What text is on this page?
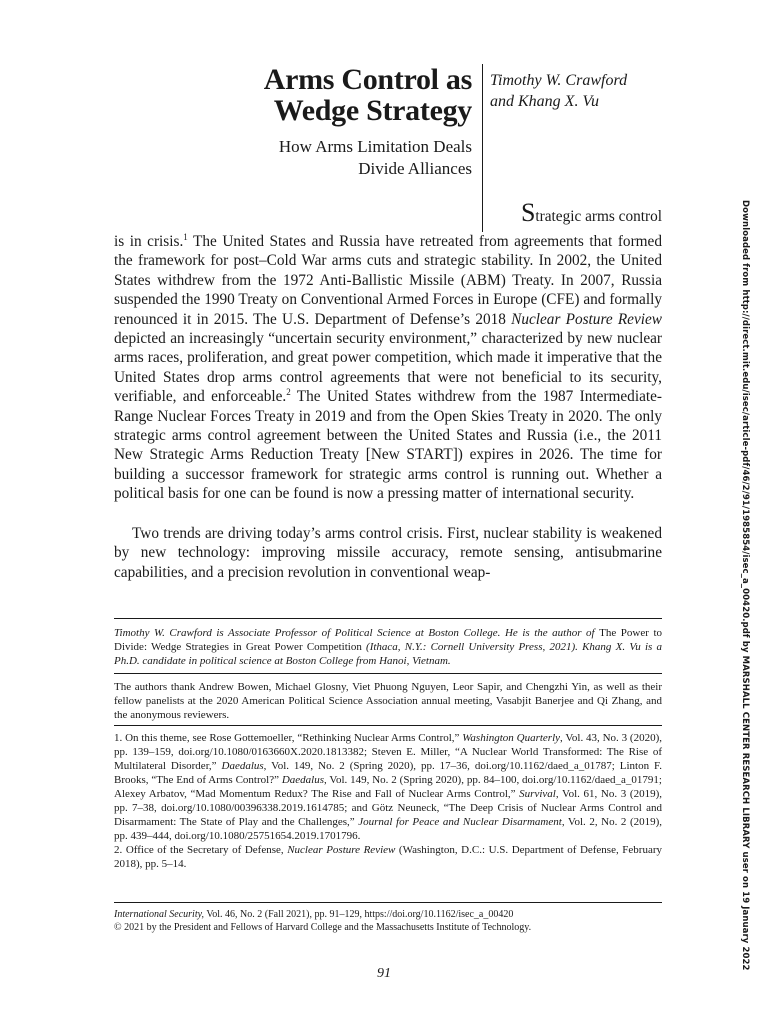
Arms Control as
Wedge Strategy
How Arms Limitation Deals
Divide Alliances
Timothy W. Crawford
and Khang X. Vu
Strategic arms control
is in crisis.$^1$ The United States and Russia have retreated from agreements that formed the framework for post–Cold War arms cuts and strategic stability. In 2002, the United States withdrew from the 1972 Anti-Ballistic Missile (ABM) Treaty. In 2007, Russia suspended the 1990 Treaty on Conventional Armed Forces in Europe (CFE) and formally renounced it in 2015. The U.S. Department of Defense’s 2018 Nuclear Posture Review depicted an increasingly “uncertain security environment,” characterized by new nuclear arms races, proliferation, and great power competition, which made it imperative that the United States drop arms control agreements that were not beneficial to its security, verifiable, and enforceable.$^2$ The United States withdrew from the 1987 Intermediate-Range Nuclear Forces Treaty in 2019 and from the Open Skies Treaty in 2020. The only strategic arms control agreement between the United States and Russia (i.e., the 2011 New Strategic Arms Reduction Treaty [New START]) expires in 2026. The time for building a successor framework for strategic arms control is running out. Whether a political basis for one can be found is now a pressing matter of international security.
Two trends are driving today’s arms control crisis. First, nuclear stability is weakened by new technology: improving missile accuracy, remote sensing, antisubmarine capabilities, and a precision revolution in conventional weap-
Timothy W. Crawford is Associate Professor of Political Science at Boston College. He is the author of The Power to Divide: Wedge Strategies in Great Power Competition (Ithaca, N.Y.: Cornell University Press, 2021). Khang X. Vu is a Ph.D. candidate in political science at Boston College from Hanoi, Vietnam.
The authors thank Andrew Bowen, Michael Glosny, Viet Phuong Nguyen, Leor Sapir, and Chengzhi Yin, as well as their fellow panelists at the 2020 American Political Science Association annual meeting, Vasabjit Banerjee and Qi Zhang, and the anonymous reviewers.

1. On this theme, see Rose Gottemoeller, “Rethinking Nuclear Arms Control,” Washington Quarterly, Vol. 43, No. 3 (2020), pp. 139–159, doi.org/10.1080/0163660X.2020.1813382; Steven E. Miller, “A Nuclear World Transformed: The Rise of Multilateral Disorder,” Daedalus, Vol. 149, No. 2 (Spring 2020), pp. 17–36, doi.org/10.1162/daed_a_01787; Linton F. Brooks, “The End of Arms Control?” Daedalus, Vol. 149, No. 2 (Spring 2020), pp. 84–100, doi.org/10.1162/daed_a_01791; Alexey Arbatov, “Mad Momentum Redux? The Rise and Fall of Nuclear Arms Control,” Survival, Vol. 61, No. 3 (2019), pp. 7–38, doi.org/10.1080/00396338.2019.1614785; and Götz Neuneck, “The Deep Crisis of Nuclear Arms Control and Disarmament: The State of Play and the Challenges,” Journal for Peace and Nuclear Disarmament, Vol. 2, No. 2 (2019), pp. 439–444, doi.org/10.1080/25751654.2019.1701796.

2. Office of the Secretary of Defense, Nuclear Posture Review (Washington, D.C.: U.S. Department of Defense, February 2018), pp. 5–14.

International Security, Vol. 46, No. 2 (Fall 2021), pp. 91–129, https://doi.org/10.1162/isec_a_00420
© 2021 by the President and Fellows of Harvard College and the Massachusetts Institute of Technology.
91
Downloaded from http://direct.mit.edu/isec/article-pdf/46/2/91/1985854/isec_a_00420.pdf by MARSHALL CENTER RESEARCH LIBRARY user on 19 January 2022
